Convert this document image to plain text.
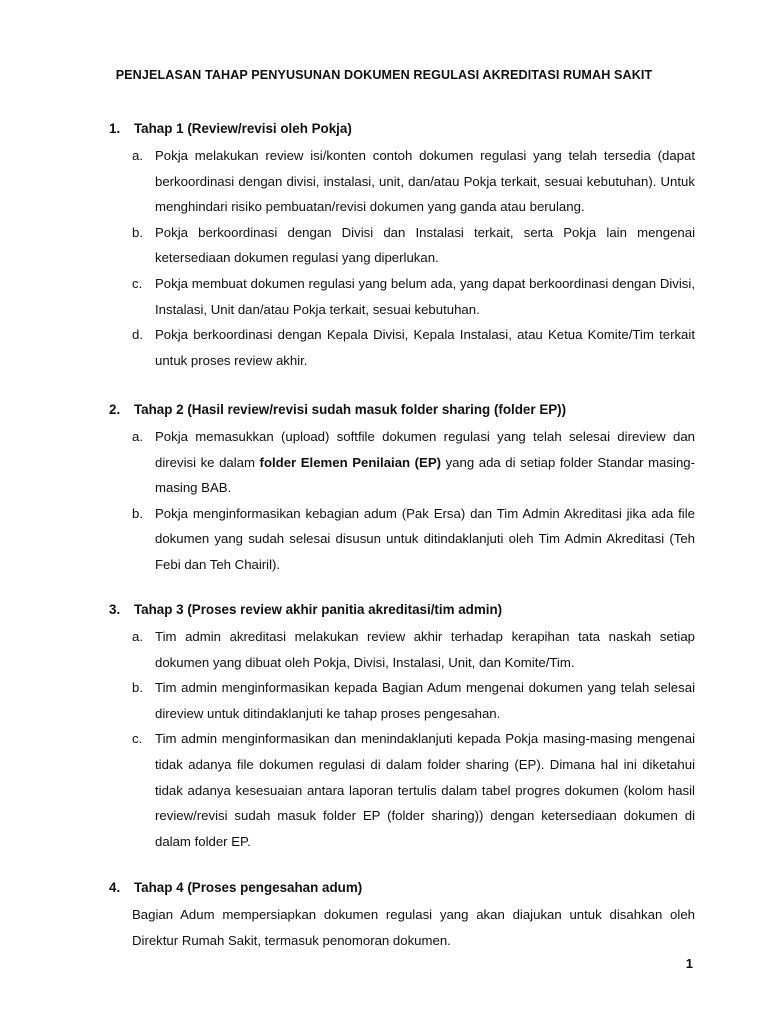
PENJELASAN TAHAP PENYUSUNAN DOKUMEN REGULASI AKREDITASI RUMAH SAKIT
1. Tahap 1 (Review/revisi oleh Pokja)
a. Pokja melakukan review isi/konten contoh dokumen regulasi yang telah tersedia (dapat berkoordinasi dengan divisi, instalasi, unit, dan/atau Pokja terkait, sesuai kebutuhan). Untuk menghindari risiko pembuatan/revisi dokumen yang ganda atau berulang.
b. Pokja berkoordinasi dengan Divisi dan Instalasi terkait, serta Pokja lain mengenai ketersediaan dokumen regulasi yang diperlukan.
c. Pokja membuat dokumen regulasi yang belum ada, yang dapat berkoordinasi dengan Divisi, Instalasi, Unit dan/atau Pokja terkait, sesuai kebutuhan.
d. Pokja berkoordinasi dengan Kepala Divisi, Kepala Instalasi, atau Ketua Komite/Tim terkait untuk proses review akhir.
2. Tahap 2 (Hasil review/revisi sudah masuk folder sharing (folder EP))
a. Pokja memasukkan (upload) softfile dokumen regulasi yang telah selesai direview dan direvisi ke dalam folder Elemen Penilaian (EP) yang ada di setiap folder Standar masing-masing BAB.
b. Pokja menginformasikan kebagian adum (Pak Ersa) dan Tim Admin Akreditasi jika ada file dokumen yang sudah selesai disusun untuk ditindaklanjuti oleh Tim Admin Akreditasi (Teh Febi dan Teh Chairil).
3. Tahap 3 (Proses review akhir panitia akreditasi/tim admin)
a. Tim admin akreditasi melakukan review akhir terhadap kerapihan tata naskah setiap dokumen yang dibuat oleh Pokja, Divisi, Instalasi, Unit, dan Komite/Tim.
b. Tim admin menginformasikan kepada Bagian Adum mengenai dokumen yang telah selesai direview untuk ditindaklanjuti ke tahap proses pengesahan.
c. Tim admin menginformasikan dan menindaklanjuti kepada Pokja masing-masing mengenai tidak adanya file dokumen regulasi di dalam folder sharing (EP). Dimana hal ini diketahui tidak adanya kesesuaian antara laporan tertulis dalam tabel progres dokumen (kolom hasil review/revisi sudah masuk folder EP (folder sharing)) dengan ketersediaan dokumen di dalam folder EP.
4. Tahap 4 (Proses pengesahan adum)
Bagian Adum mempersiapkan dokumen regulasi yang akan diajukan untuk disahkan oleh Direktur Rumah Sakit, termasuk penomoran dokumen.
1
